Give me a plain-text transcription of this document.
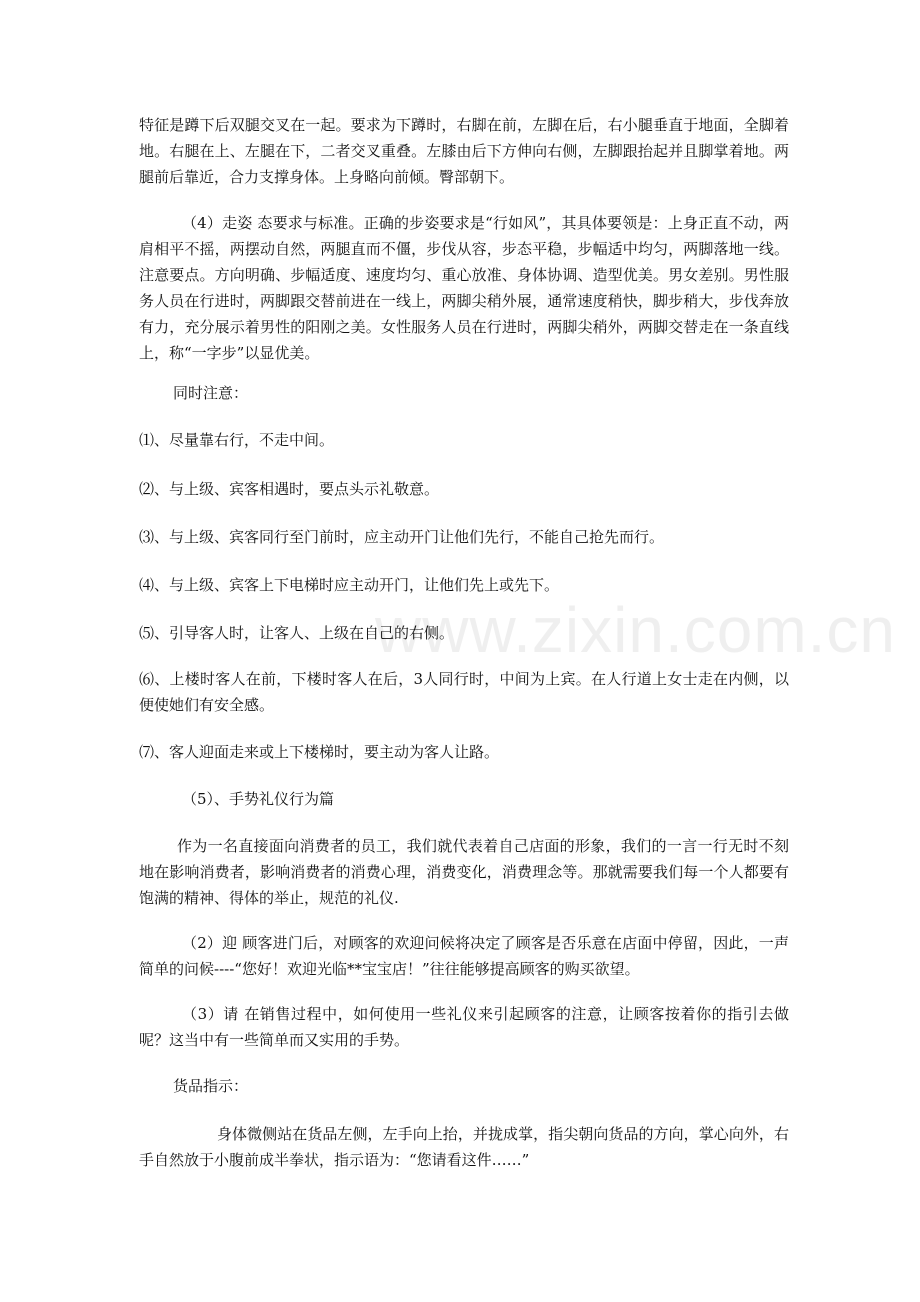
www.zixin.com.cn

特征是蹲下后双腿交叉在一起。要求为下蹲时，右脚在前，左脚在后，右小腿垂直于地面，全脚着地。右腿在上、左腿在下，二者交叉重叠。左膝由后下方伸向右侧，左脚跟抬起并且脚掌着地。两腿前后靠近，合力支撑身体。上身略向前倾。臀部朝下。

（4）走姿 态要求与标准。正确的步姿要求是“行如风”，其具体要领是：上身正直不动，两肩相平不摇，两摆动自然，两腿直而不僵，步伐从容，步态平稳，步幅适中均匀，两脚落地一线。注意要点。方向明确、步幅适度、速度均匀、重心放准、身体协调、造型优美。男女差别。男性服务人员在行进时，两脚跟交替前进在一线上，两脚尖稍外展，通常速度稍快，脚步稍大，步伐奔放有力，充分展示着男性的阳刚之美。女性服务人员在行进时，两脚尖稍外，两脚交替走在一条直线上，称“一字步”以显优美。

同时注意：

⑴、尽量靠右行，不走中间。

⑵、与上级、宾客相遇时，要点头示礼敬意。

⑶、与上级、宾客同行至门前时，应主动开门让他们先行，不能自己抢先而行。

⑷、与上级、宾客上下电梯时应主动开门，让他们先上或先下。

⑸、引导客人时，让客人、上级在自己的右侧。

⑹、上楼时客人在前，下楼时客人在后，3人同行时，中间为上宾。在人行道上女士走在内侧，以便使她们有安全感。

⑺、客人迎面走来或上下楼梯时，要主动为客人让路。

（5）、手势礼仪行为篇

作为一名直接面向消费者的员工，我们就代表着自己店面的形象，我们的一言一行无时不刻地在影响消费者，影响消费者的消费心理，消费变化，消费理念等。那就需要我们每一个人都要有饱满的精神、得体的举止，规范的礼仪.

（2）迎 顾客进门后，对顾客的欢迎问候将决定了顾客是否乐意在店面中停留，因此，一声简单的问候----“您好！欢迎光临**宝宝店！”往往能够提高顾客的购买欲望。

（3）请 在销售过程中，如何使用一些礼仪来引起顾客的注意，让顾客按着你的指引去做呢？这当中有一些简单而又实用的手势。

货品指示：

身体微侧站在货品左侧，左手向上抬，并拢成掌，指尖朝向货品的方向，掌心向外，右手自然放于小腹前成半拳状，指示语为：“您请看这件……”
